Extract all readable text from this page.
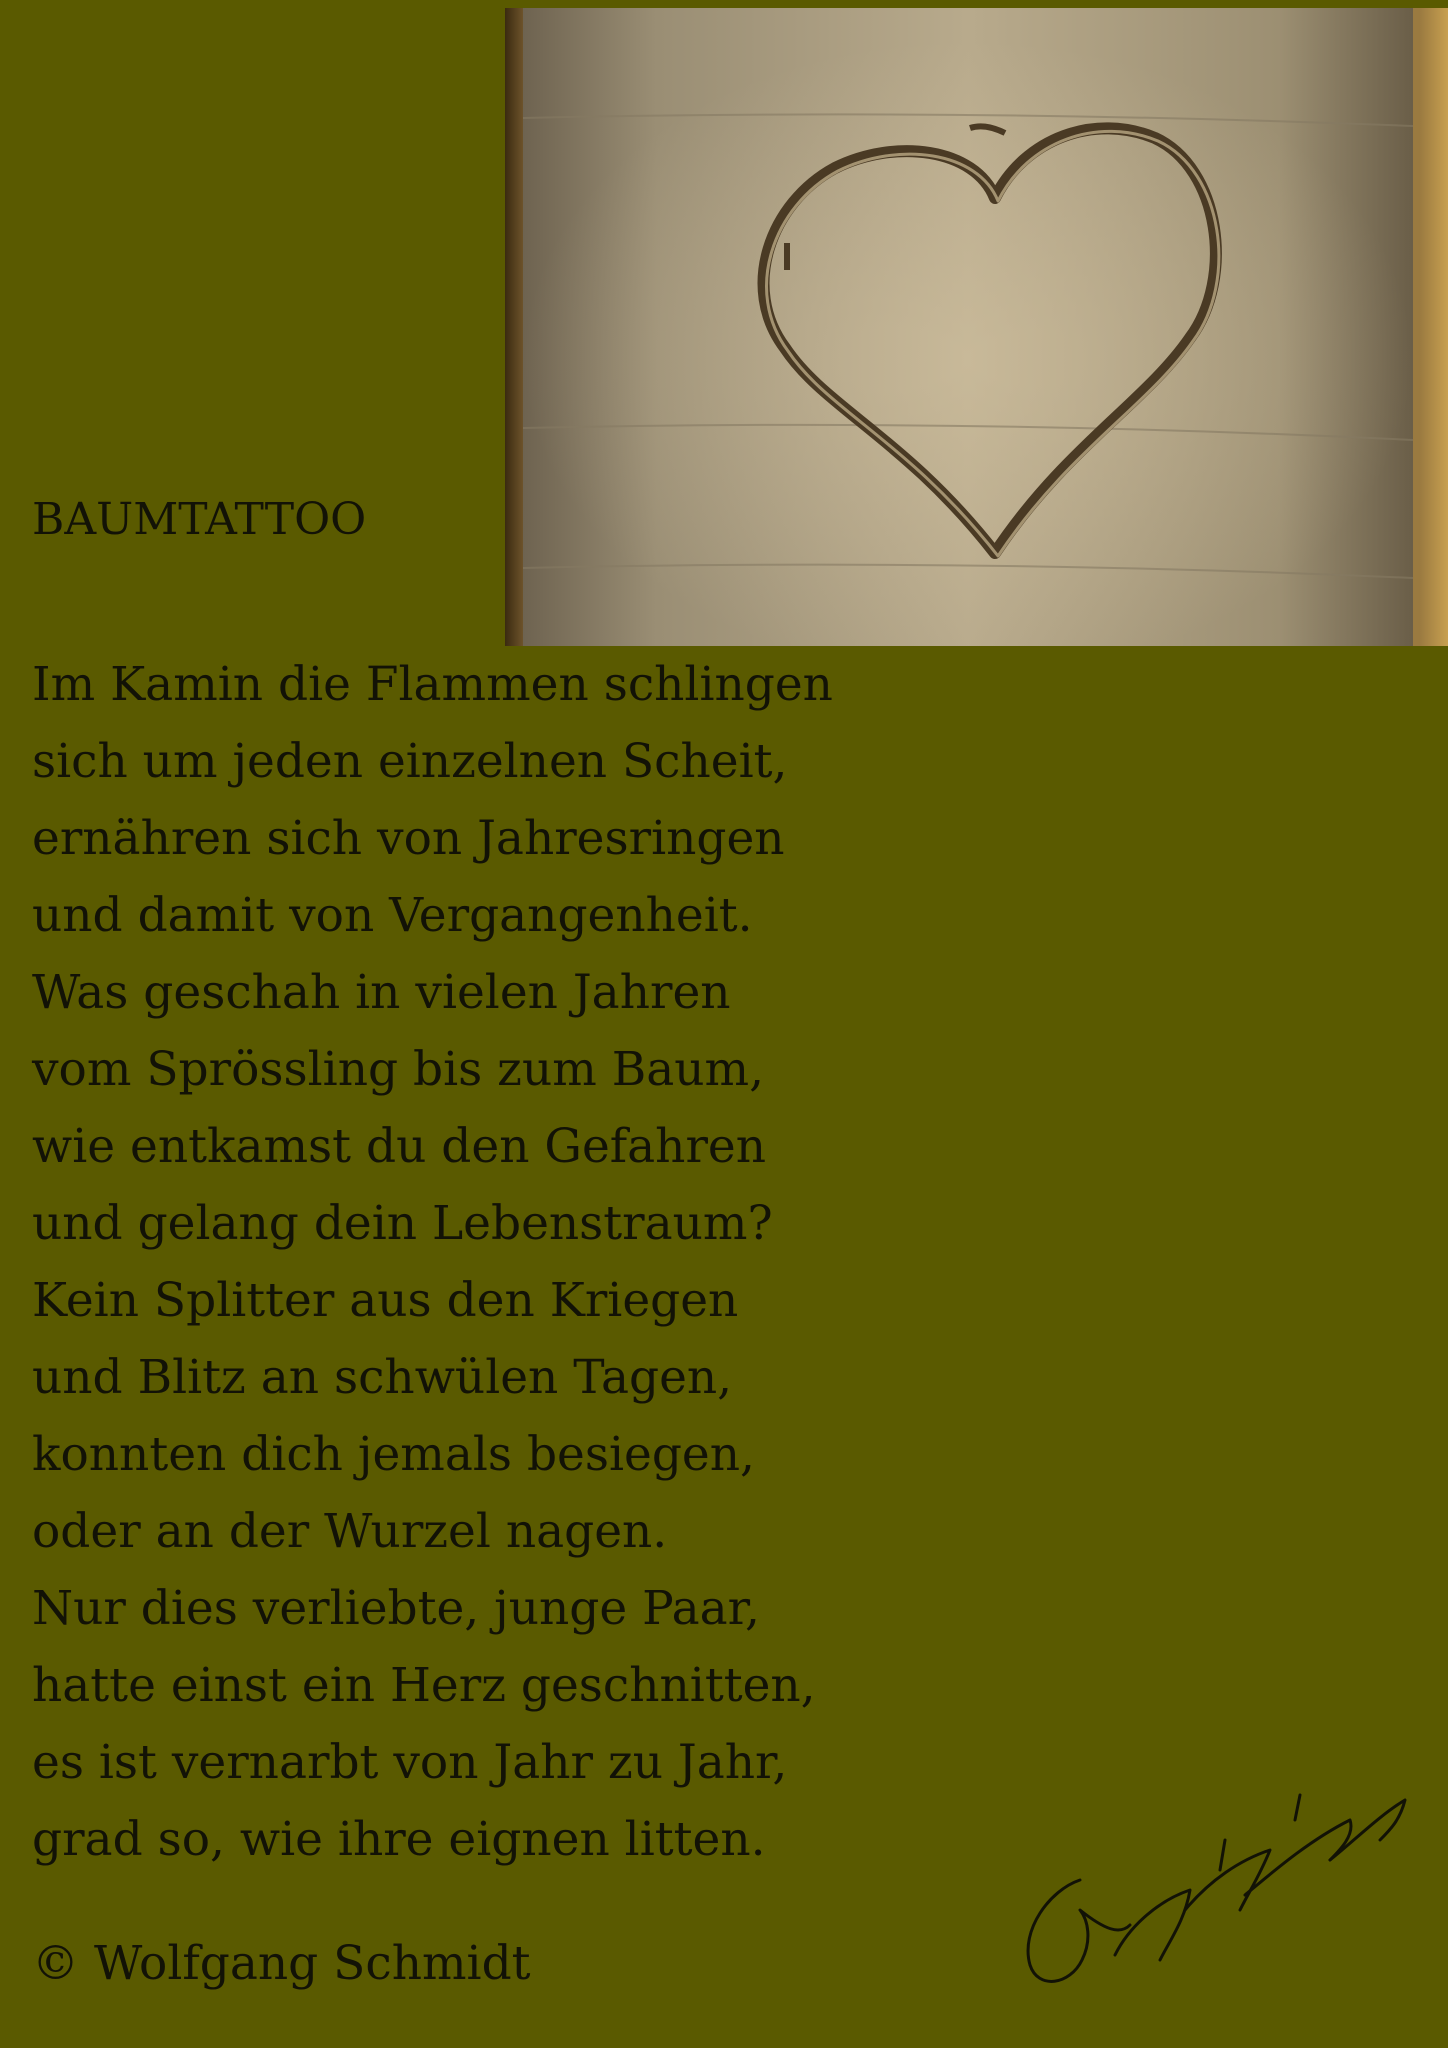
BAUMTATTOO
Im Kamin die Flammen schlingen
sich um jeden einzelnen Scheit,
ernähren sich von Jahresringen
und damit von Vergangenheit.
Was geschah in vielen Jahren
vom Sprössling bis zum Baum,
wie entkamst du den Gefahren
und gelang dein Lebenstraum?
Kein Splitter aus den Kriegen
und Blitz an schwülen Tagen,
konnten dich jemals besiegen,
oder an der Wurzel nagen.
Nur dies verliebte, junge Paar,
hatte einst ein Herz geschnitten,
es ist vernarbt von Jahr zu Jahr,
grad so, wie ihre eignen litten.
© Wolfgang Schmidt
